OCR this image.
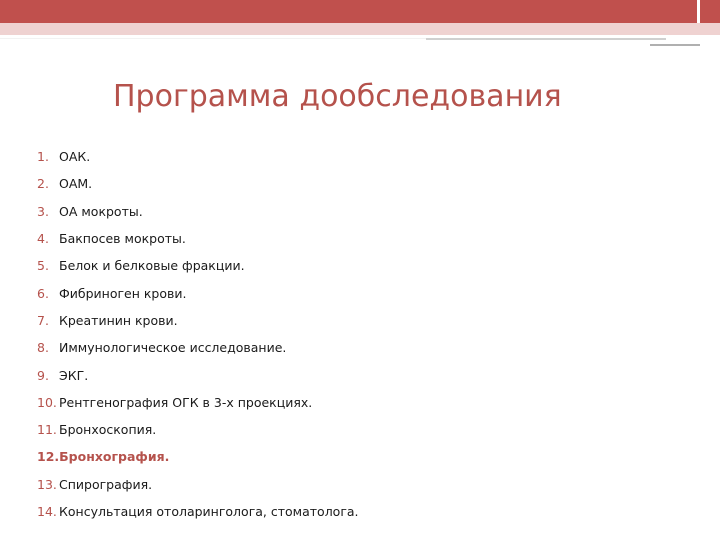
Программа дообследования
1. ОАК.
2. ОАМ.
3. ОА мокроты.
4. Бакпосев мокроты.
5. Белок и белковые фракции.
6. Фибриноген крови.
7. Креатинин крови.
8. Иммунологическое исследование.
9. ЭКГ.
10. Рентгенография ОГК в 3-х проекциях.
11. Бронхоскопия.
12. Бронхография.
13. Спирография.
14. Консультация отоларинголога, стоматолога.
